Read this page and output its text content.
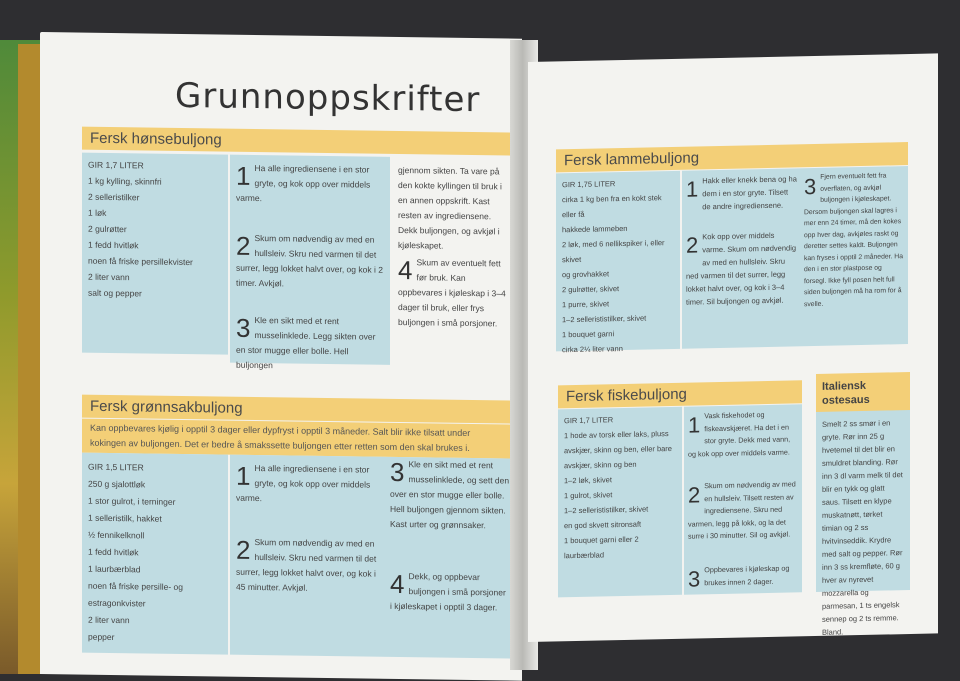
Grunnoppskrifter
Fersk hønsebuljong
GIR 1,7 LITER
1 kg kylling, skinnfri
2 selleristilker
1 løk
2 gulrøtter
1 fedd hvitløk
noen få friske persillekvister
2 liter vann
salt og pepper
1 Ha alle ingrediensene i en stor gryte, og kok opp over middels varme.
2 Skum om nødvendig av med en hullsleiv. Skru ned varmen til det surrer, legg lokket halvt over, og kok i 2 timer. Avkjøl.
3 Kle en sikt med et rent musselinklede. Legg sikten over en stor mugge eller bolle. Hell buljongen
gjennom sikten. Ta vare på den kokte kyllingen til bruk i en annen oppskrift. Kast resten av ingrediensene. Dekk buljongen, og avkjøl i kjøleskapet.
4 Skum av eventuelt fett før bruk. Kan oppbevares i kjøleskap i 3–4 dager til bruk, eller frys buljongen i små porsjoner.
Fersk grønnsakbuljong
Kan oppbevares kjølig i opptil 3 dager eller dypfryst i opptil 3 måneder. Salt blir ikke tilsatt under kokingen av buljongen. Det er bedre å smakssette buljongen etter retten som den skal brukes i.
GIR 1,5 LITER
250 g sjalottløk
1 stor gulrot, i terninger
1 selleristilk, hakket
½ fennikelknoll
1 fedd hvitløk
1 laurbærblad
noen få friske persille- og
estragonkvister
2 liter vann
pepper
1 Ha alle ingrediensene i en stor gryte, og kok opp over middels varme.
2 Skum om nødvendig av med en hullsleiv. Skru ned varmen til det surrer, legg lokket halvt over, og kok i 45 minutter. Avkjøl.
3 Kle en sikt med et rent musselinklede, og sett den over en stor mugge eller bolle. Hell buljongen gjennom sikten. Kast urter og grønnsaker.
4 Dekk, og oppbevar buljongen i små porsjoner i kjøleskapet i opptil 3 dager.
Fersk lammebuljong
GIR 1,75 LITER
cirka 1 kg ben fra en kokt stek eller få
hakkede lammeben
2 løk, med 6 nellikspiker i, eller skivet
og grovhakket
2 gulrøtter, skivet
1 purre, skivet
1–2 sellerististilker, skivet
1 bouquet garni
cirka 2¼ liter vann
1 Hakk eller knekk bena og ha dem i en stor gryte. Tilsett de andre ingrediensene.
2 Kok opp over middels varme. Skum om nødvendig av med en hullsleiv. Skru ned varmen til det surrer, legg lokket halvt over, og kok i 3–4 timer. Sil buljongen og avkjøl.
3 Fjern eventuelt fett fra overflaten, og avkjøl buljongen i kjøleskapet. Dersom buljongen skal lagres i mer enn 24 timer, må den kokes opp hver dag, avkjøles raskt og deretter settes kaldt. Buljongen kan fryses i opptil 2 måneder. Ha den i en stor plastpose og forsegl. Ikke fyll posen helt full siden buljongen må ha rom for å svelle.
Fersk fiskebuljong
GIR 1,7 LITER
1 hode av torsk eller laks, pluss
avskjær, skinn og ben, eller bare
avskjær, skinn og ben
1–2 løk, skivet
1 gulrot, skivet
1–2 sellerististilker, skivet
en god skvett sitronsaft
1 bouquet garni eller 2 laurbærblad
1 Vask fiskehodet og fiskeavskjæret. Ha det i en stor gryte. Dekk med vann, og kok opp over middels varme.
2 Skum om nødvendig av med en hullsleiv. Tilsett resten av ingrediensene. Skru ned varmen, legg på lokk, og la det surre i 30 minutter. Sil og avkjøl.
3 Oppbevares i kjøleskap og brukes innen 2 dager.
Italiensk
ostesaus
Smelt 2 ss smør i en gryte. Rør inn 25 g hvetemel til det blir en smuldret blanding. Rør inn 3 dl varm melk til det blir en tykk og glatt saus. Tilsett en klype muskatnøtt, tørket timian og 2 ss hvitvinseddik. Krydre med salt og pepper. Rør inn 3 ss kremfløte, 60 g hver av nyrevet mozzarella og parmesan, 1 ts engelsk sennep og 2 ts remme. Bland.
